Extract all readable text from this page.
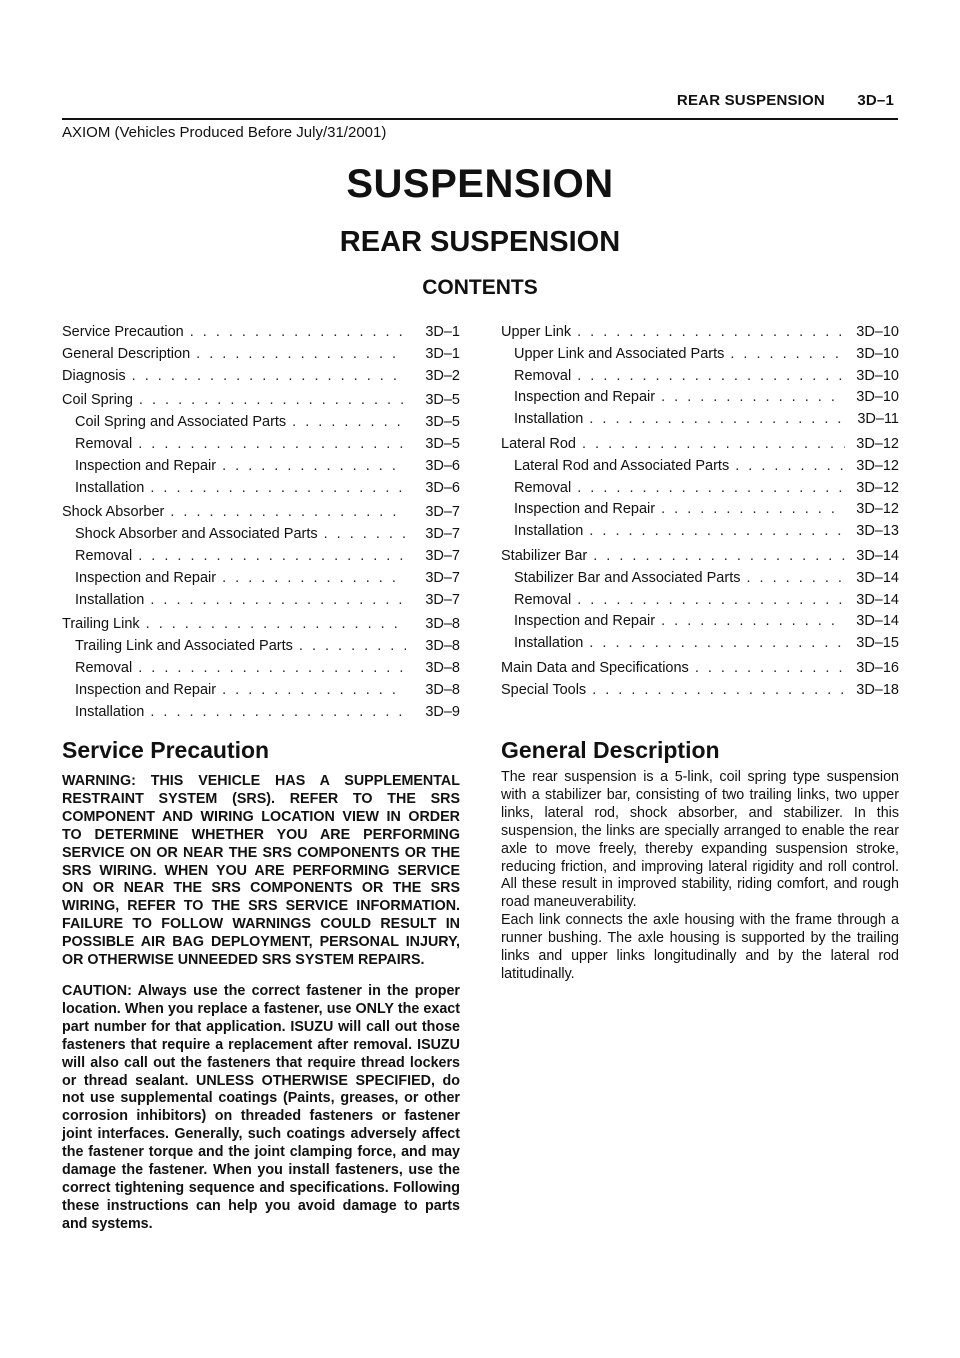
REAR SUSPENSION 3D–1
AXIOM (Vehicles Produced Before July/31/2001)
SUSPENSION
REAR SUSPENSION
CONTENTS
Service Precaution . . .	3D–1
General Description . . .	3D–1
Diagnosis . . .	3D–2
Coil Spring . . .	3D–5
Coil Spring and Associated Parts . . .	3D–5
Removal . . .	3D–5
Inspection and Repair . . .	3D–6
Installation . . .	3D–6
Shock Absorber . . .	3D–7
Shock Absorber and Associated Parts . . .	3D–7
Removal . . .	3D–7
Inspection and Repair . . .	3D–7
Installation . . .	3D–7
Trailing Link . . .	3D–8
Trailing Link and Associated Parts . . .	3D–8
Removal . . .	3D–8
Inspection and Repair . . .	3D–8
Installation . . .	3D–9
Upper Link . . .	3D–10
Upper Link and Associated Parts . . .	3D–10
Removal . . .	3D–10
Inspection and Repair . . .	3D–10
Installation . . .	3D–11
Lateral Rod . . .	3D–12
Lateral Rod and Associated Parts . . .	3D–12
Removal . . .	3D–12
Inspection and Repair . . .	3D–12
Installation . . .	3D–13
Stabilizer Bar . . .	3D–14
Stabilizer Bar and Associated Parts . . .	3D–14
Removal . . .	3D–14
Inspection and Repair . . .	3D–14
Installation . . .	3D–15
Main Data and Specifications . . .	3D–16
Special Tools . . .	3D–18
Service Precaution

WARNING: THIS VEHICLE HAS A SUPPLEMENTAL RESTRAINT SYSTEM (SRS). REFER TO THE SRS COMPONENT AND WIRING LOCATION VIEW IN ORDER TO DETERMINE WHETHER YOU ARE PERFORMING SERVICE ON OR NEAR THE SRS COMPONENTS OR THE SRS WIRING. WHEN YOU ARE PERFORMING SERVICE ON OR NEAR THE SRS COMPONENTS OR THE SRS WIRING, REFER TO THE SRS SERVICE INFORMATION. FAILURE TO FOLLOW WARNINGS COULD RESULT IN POSSIBLE AIR BAG DEPLOYMENT, PERSONAL INJURY, OR OTHERWISE UNNEEDED SRS SYSTEM REPAIRS.

CAUTION: Always use the correct fastener in the proper location. When you replace a fastener, use ONLY the exact part number for that application. ISUZU will call out those fasteners that require a replacement after removal. ISUZU will also call out the fasteners that require thread lockers or thread sealant. UNLESS OTHERWISE SPECIFIED, do not use supplemental coatings (Paints, greases, or other corrosion inhibitors) on threaded fasteners or fastener joint interfaces. Generally, such coatings adversely affect the fastener torque and the joint clamping force, and may damage the fastener. When you install fasteners, use the correct tightening sequence and specifications. Following these instructions can help you avoid damage to parts and systems.

General Description
The rear suspension is a 5-link, coil spring type suspension with a stabilizer bar, consisting of two trailing links, two upper links, lateral rod, shock absorber, and stabilizer. In this suspension, the links are specially arranged to enable the rear axle to move freely, thereby expanding suspension stroke, reducing friction, and improving lateral rigidity and roll control. All these result in improved stability, riding comfort, and rough road maneuverability.
Each link connects the axle housing with the frame through a runner bushing. The axle housing is supported by the trailing links and upper links longitudinally and by the lateral rod latitudinally.
